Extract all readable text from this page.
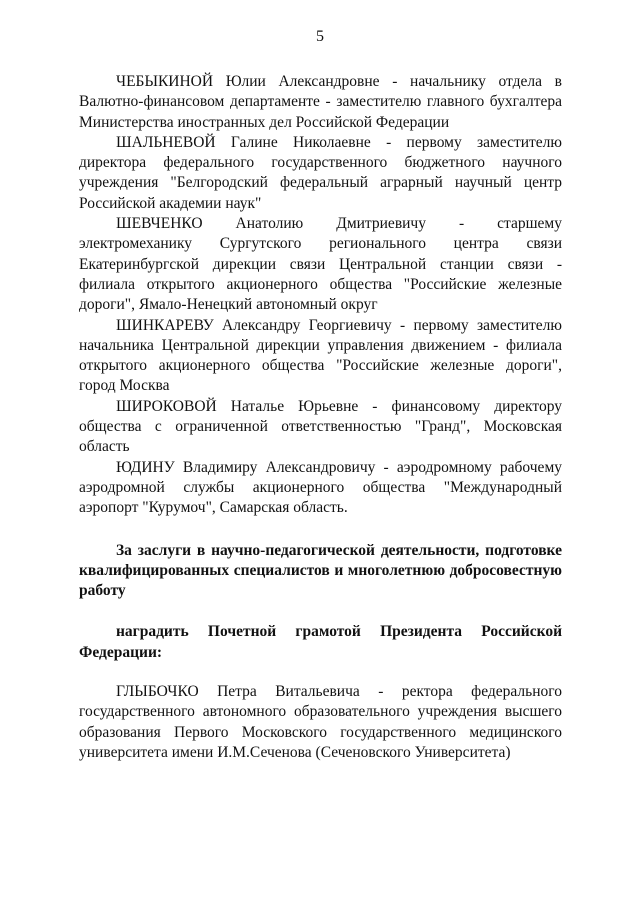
5

ЧЕБЫКИНОЙ Юлии Александровне - начальнику отдела в Валютно-финансовом департаменте - заместителю главного бухгалтера Министерства иностранных дел Российской Федерации

ШАЛЬНЕВОЙ Галине Николаевне - первому заместителю директора федерального государственного бюджетного научного учреждения "Белгородский федеральный аграрный научный центр Российской академии наук"

ШЕВЧЕНКО Анатолию Дмитриевичу - старшему электромеханику Сургутского регионального центра связи Екатеринбургской дирекции связи Центральной станции связи - филиала открытого акционерного общества "Российские железные дороги", Ямало-Ненецкий автономный округ

ШИНКАРЕВУ Александру Георгиевичу - первому заместителю начальника Центральной дирекции управления движением - филиала открытого акционерного общества "Российские железные дороги", город Москва

ШИРОКОВОЙ Наталье Юрьевне - финансовому директору общества с ограниченной ответственностью "Гранд", Московская область

ЮДИНУ Владимиру Александровичу - аэродромному рабочему аэродромной службы акционерного общества "Международный аэропорт "Курумоч", Самарская область.

За заслуги в научно-педагогической деятельности, подготовке квалифицированных специалистов и многолетнюю добросовестную работу

наградить Почетной грамотой Президента Российской Федерации:

ГЛЫБОЧКО Петра Витальевича - ректора федерального государственного автономного образовательного учреждения высшего образования Первого Московского государственного медицинского университета имени И.М.Сеченова (Сеченовского Университета)
